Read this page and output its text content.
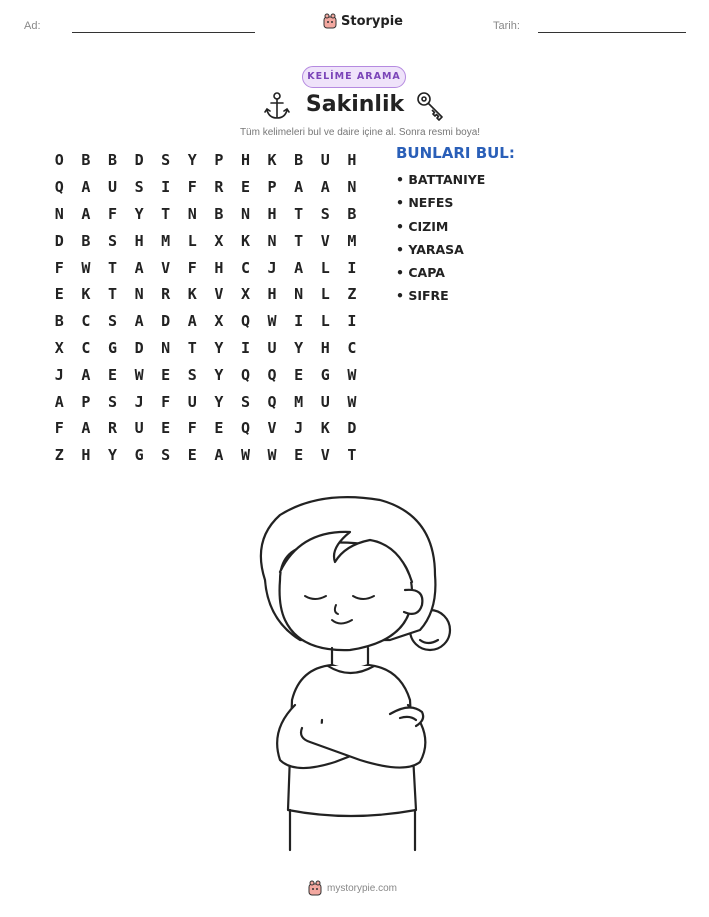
Ad:	Storypie	Tarih:
KELİME ARAMA
Sakinlik
Tüm kelimeleri bul ve daire içine al. Sonra resmi boya!
O	B	B	D	S	Y	P	H	K	B	U	H
Q	A	U	S	I	F	R	E	P	A	A	N
N	A	F	Y	T	N	B	N	H	T	S	B
D	B	S	H	M	L	X	K	N	T	V	M
F	W	T	A	V	F	H	C	J	A	L	I
E	K	T	N	R	K	V	X	H	N	L	Z
B	C	S	A	D	A	X	Q	W	I	L	I
X	C	G	D	N	T	Y	I	U	Y	H	C
J	A	E	W	E	S	Y	Q	Q	E	G	W
A	P	S	J	F	U	Y	S	Q	M	U	W
F	A	R	U	E	F	E	Q	V	J	K	D
Z	H	Y	G	S	E	A	W	W	E	V	T
BUNLARI BUL:
• BATTANIYE
• NEFES
• CIZIM
• YARASA
• CAPA
• SIFRE
mystorypie.com
